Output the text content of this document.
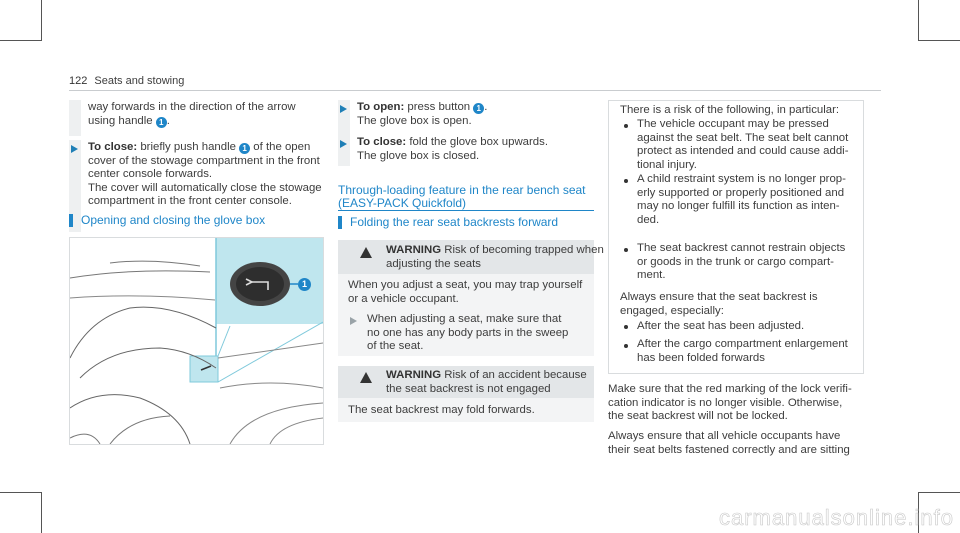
122 Seats and stowing
way forwards in the direction of the arrow
using handle 1 .
To close: briefly push handle 1 of the open
cover of the stowage compartment in the front
center console forwards.
The cover will automatically close the stowage
compartment in the front center console.
Opening and closing the glove box
1
To open: press button 1 .
The glove box is open.
To close: fold the glove box upwards.
The glove box is closed.
Through-loading feature in the rear bench seat
(EASY-PACK Quickfold)
Folding the rear seat backrests forward
WARNING Risk of becoming trapped when
adjusting the seats
When you adjust a seat, you may trap yourself
or a vehicle occupant.
When adjusting a seat, make sure that
no one has any body parts in the sweep
of the seat.
WARNING Risk of an accident because
the seat backrest is not engaged
The seat backrest may fold forwards.
There is a risk of the following, in particular:
The vehicle occupant may be pressed
against the seat belt. The seat belt cannot
protect as intended and could cause addi-
tional injury.
A child restraint system is no longer prop-
erly supported or properly positioned and
may no longer fulfill its function as inten-
ded.
The seat backrest cannot restrain objects
or goods in the trunk or cargo compart-
ment.
Always ensure that the seat backrest is
engaged, especially:
After the seat has been adjusted.
After the cargo compartment enlargement
has been folded forwards
Make sure that the red marking of the lock verifi-
cation indicator is no longer visible. Otherwise,
the seat backrest will not be locked.
Always ensure that all vehicle occupants have
their seat belts fastened correctly and are sitting
carmanualsonline.info
